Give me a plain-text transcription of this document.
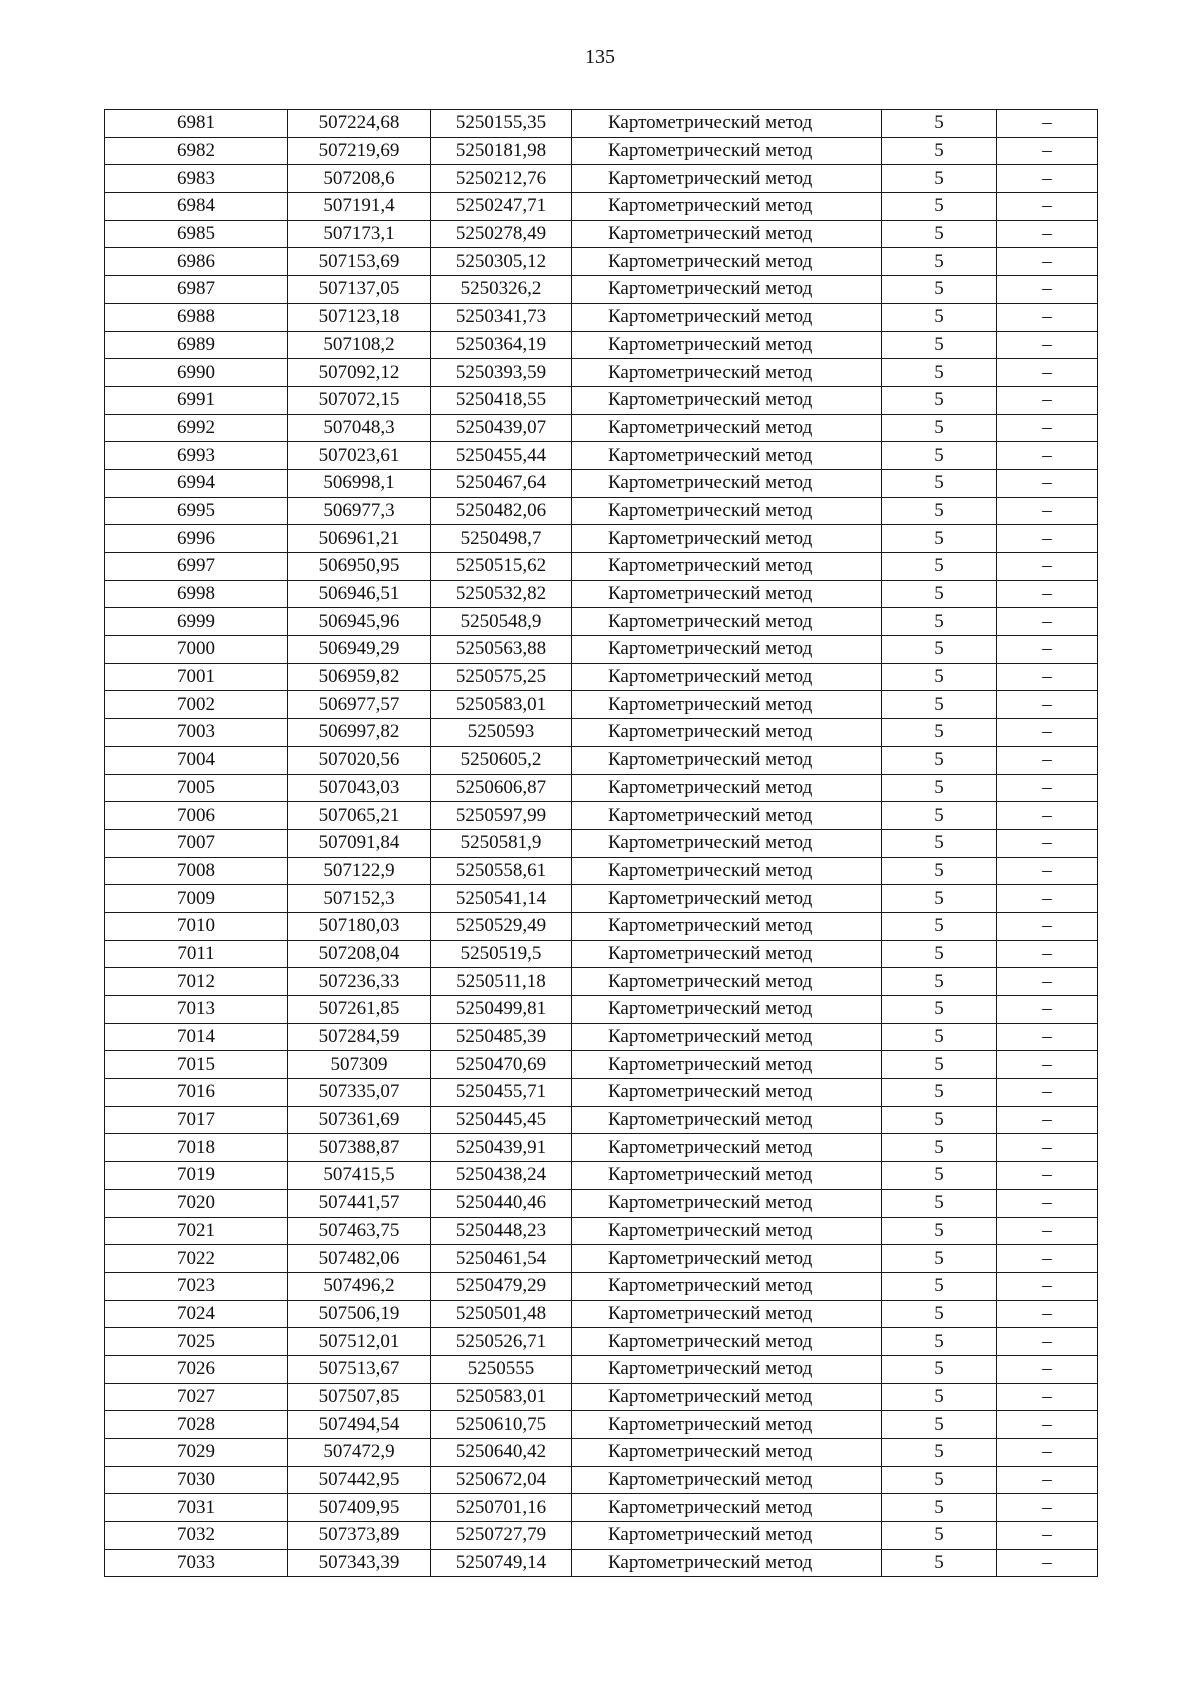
135
6981	507224,68	5250155,35	Картометрический метод	5	–
6982	507219,69	5250181,98	Картометрический метод	5	–
6983	507208,6	5250212,76	Картометрический метод	5	–
6984	507191,4	5250247,71	Картометрический метод	5	–
6985	507173,1	5250278,49	Картометрический метод	5	–
6986	507153,69	5250305,12	Картометрический метод	5	–
6987	507137,05	5250326,2	Картометрический метод	5	–
6988	507123,18	5250341,73	Картометрический метод	5	–
6989	507108,2	5250364,19	Картометрический метод	5	–
6990	507092,12	5250393,59	Картометрический метод	5	–
6991	507072,15	5250418,55	Картометрический метод	5	–
6992	507048,3	5250439,07	Картометрический метод	5	–
6993	507023,61	5250455,44	Картометрический метод	5	–
6994	506998,1	5250467,64	Картометрический метод	5	–
6995	506977,3	5250482,06	Картометрический метод	5	–
6996	506961,21	5250498,7	Картометрический метод	5	–
6997	506950,95	5250515,62	Картометрический метод	5	–
6998	506946,51	5250532,82	Картометрический метод	5	–
6999	506945,96	5250548,9	Картометрический метод	5	–
7000	506949,29	5250563,88	Картометрический метод	5	–
7001	506959,82	5250575,25	Картометрический метод	5	–
7002	506977,57	5250583,01	Картометрический метод	5	–
7003	506997,82	5250593	Картометрический метод	5	–
7004	507020,56	5250605,2	Картометрический метод	5	–
7005	507043,03	5250606,87	Картометрический метод	5	–
7006	507065,21	5250597,99	Картометрический метод	5	–
7007	507091,84	5250581,9	Картометрический метод	5	–
7008	507122,9	5250558,61	Картометрический метод	5	–
7009	507152,3	5250541,14	Картометрический метод	5	–
7010	507180,03	5250529,49	Картометрический метод	5	–
7011	507208,04	5250519,5	Картометрический метод	5	–
7012	507236,33	5250511,18	Картометрический метод	5	–
7013	507261,85	5250499,81	Картометрический метод	5	–
7014	507284,59	5250485,39	Картометрический метод	5	–
7015	507309	5250470,69	Картометрический метод	5	–
7016	507335,07	5250455,71	Картометрический метод	5	–
7017	507361,69	5250445,45	Картометрический метод	5	–
7018	507388,87	5250439,91	Картометрический метод	5	–
7019	507415,5	5250438,24	Картометрический метод	5	–
7020	507441,57	5250440,46	Картометрический метод	5	–
7021	507463,75	5250448,23	Картометрический метод	5	–
7022	507482,06	5250461,54	Картометрический метод	5	–
7023	507496,2	5250479,29	Картометрический метод	5	–
7024	507506,19	5250501,48	Картометрический метод	5	–
7025	507512,01	5250526,71	Картометрический метод	5	–
7026	507513,67	5250555	Картометрический метод	5	–
7027	507507,85	5250583,01	Картометрический метод	5	–
7028	507494,54	5250610,75	Картометрический метод	5	–
7029	507472,9	5250640,42	Картометрический метод	5	–
7030	507442,95	5250672,04	Картометрический метод	5	–
7031	507409,95	5250701,16	Картометрический метод	5	–
7032	507373,89	5250727,79	Картометрический метод	5	–
7033	507343,39	5250749,14	Картометрический метод	5	–
